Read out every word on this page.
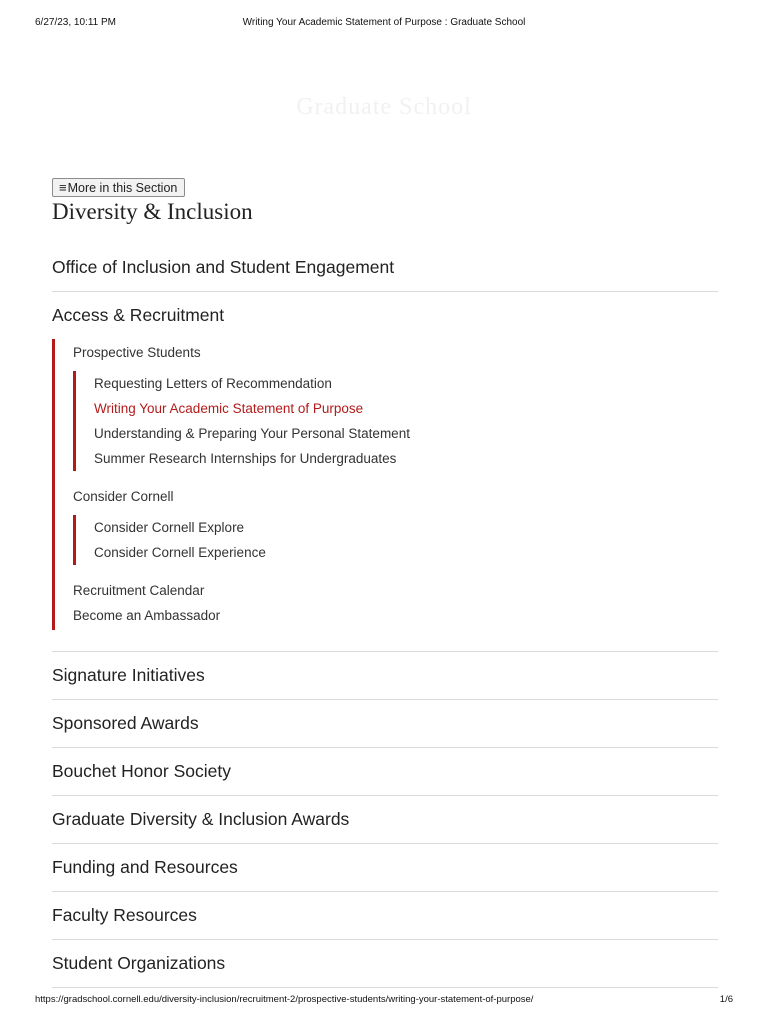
6/27/23, 10:11 PM	Writing Your Academic Statement of Purpose : Graduate School
Graduate School
≡ More in this Section
Diversity & Inclusion
Office of Inclusion and Student Engagement
Access & Recruitment
Prospective Students
Requesting Letters of Recommendation
Writing Your Academic Statement of Purpose
Understanding & Preparing Your Personal Statement
Summer Research Internships for Undergraduates
Consider Cornell
Consider Cornell Explore
Consider Cornell Experience
Recruitment Calendar
Become an Ambassador
Signature Initiatives
Sponsored Awards
Bouchet Honor Society
Graduate Diversity & Inclusion Awards
Funding and Resources
Faculty Resources
Student Organizations
https://gradschool.cornell.edu/diversity-inclusion/recruitment-2/prospective-students/writing-your-statement-of-purpose/	1/6
